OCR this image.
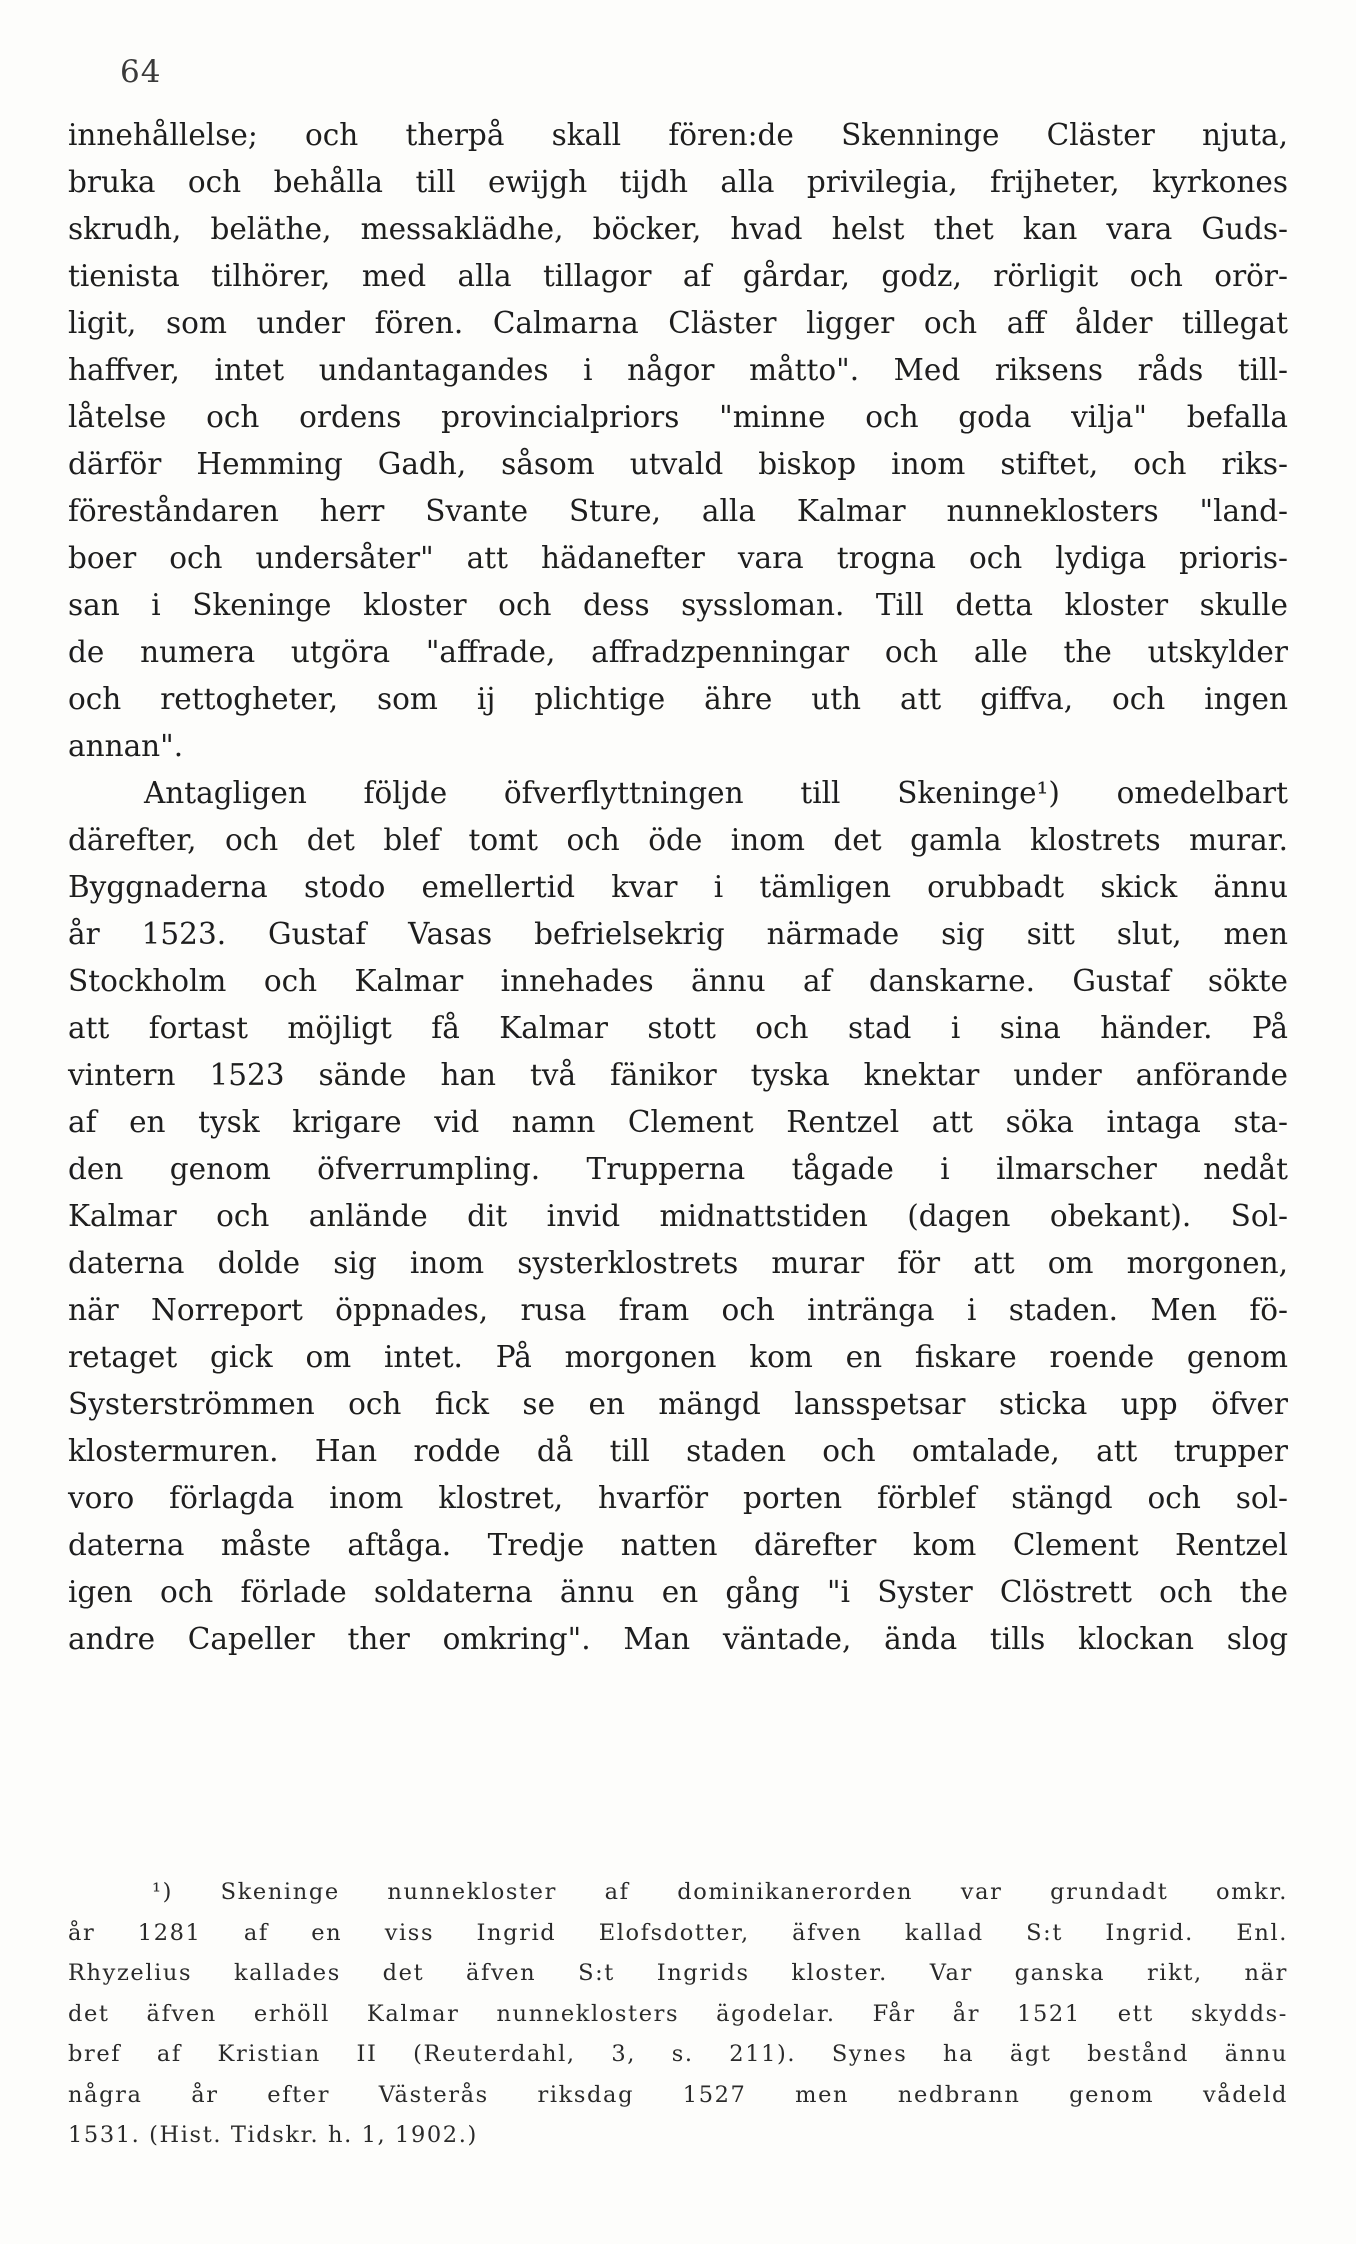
64
innehållelse; och therpå skall fören:de Skenninge Cläster njuta,
bruka och behålla till ewijgh tijdh alla privilegia, frijheter, kyrkones
skrudh, beläthe, messaklädhe, böcker, hvad helst thet kan vara Guds-
tienista tilhörer, med alla tillagor af gårdar, godz, rörligit och orör-
ligit, som under fören. Calmarna Cläster ligger och aff ålder tillegat
haffver, intet undantagandes i någor måtto". Med riksens råds till-
låtelse och ordens provincialpriors "minne och goda vilja" befalla
därför Hemming Gadh, såsom utvald biskop inom stiftet, och riks-
föreståndaren herr Svante Sture, alla Kalmar nunneklosters "land-
boer och undersåter" att hädanefter vara trogna och lydiga prioris-
san i Skeninge kloster och dess syssloman. Till detta kloster skulle
de numera utgöra "affrade, affradzpenningar och alle the utskylder
och rettogheter, som ij plichtige ähre uth att giffva, och ingen
annan".
Antagligen följde öfverflyttningen till Skeninge¹) omedelbart
därefter, och det blef tomt och öde inom det gamla klostrets murar.
Byggnaderna stodo emellertid kvar i tämligen orubbadt skick ännu
år 1523. Gustaf Vasas befrielsekrig närmade sig sitt slut, men
Stockholm och Kalmar innehades ännu af danskarne. Gustaf sökte
att fortast möjligt få Kalmar stott och stad i sina händer. På
vintern 1523 sände han två fänikor tyska knektar under anförande
af en tysk krigare vid namn Clement Rentzel att söka intaga sta-
den genom öfverrumpling. Trupperna tågade i ilmarscher nedåt
Kalmar och anlände dit invid midnattstiden (dagen obekant). Sol-
daterna dolde sig inom systerklostrets murar för att om morgonen,
när Norreport öppnades, rusa fram och inträngа i staden. Men fö-
retaget gick om intet. På morgonen kom en fiskare roende genom
Systerströmmen och fick se en mängd lansspetsar sticka upp öfver
klostermuren. Han rodde då till staden och omtalade, att trupper
voro förlagda inom klostret, hvarför porten förblef stängd och sol-
daterna måste aftåga. Tredje natten därefter kom Clement Rentzel
igen och förlade soldaterna ännu en gång "i Syster Clöstrett och the
andre Capeller ther omkring". Man väntade, ända tills klockan slog
¹) Skeninge nunnekloster af dominikanerorden var grundadt omkr.
år 1281 af en viss Ingrid Elofsdotter, äfven kallad S:t Ingrid. Enl.
Rhyzelius kallades det äfven S:t Ingrids kloster. Var ganska rikt, när
det äfven erhöll Kalmar nunneklosters ägodelar. Får år 1521 ett skydds-
bref af Kristian II (Reuterdahl, 3, s. 211). Synes ha ägt bestånd ännu
några år efter Västerås riksdag 1527 men nedbrann genom vådeld
1531. (Hist. Tidskr. h. 1, 1902.)
